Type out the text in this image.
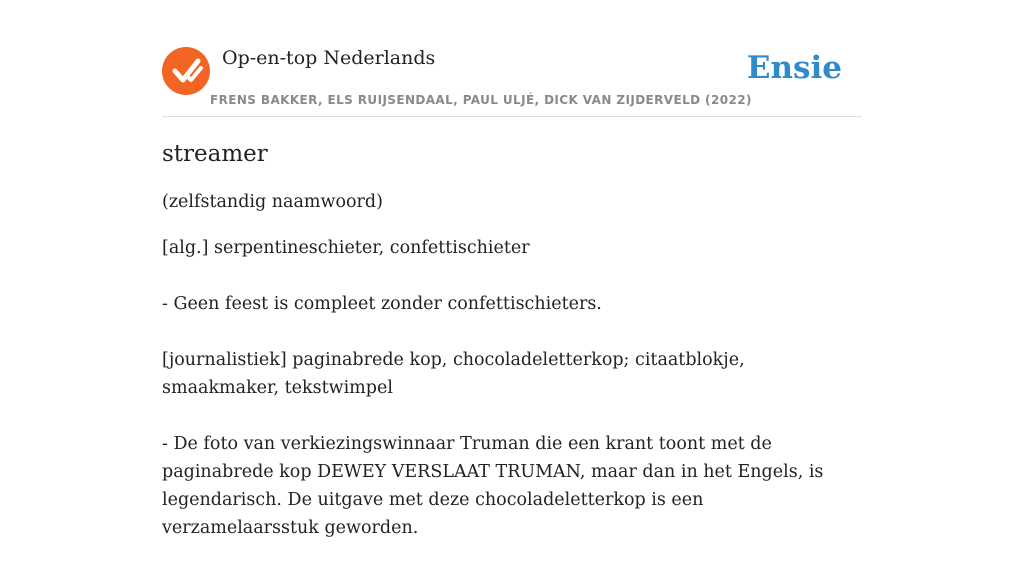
Op-en-top Nederlands
FRENS BAKKER, ELS RUIJSENDAAL, PAUL ULJÉ, DICK VAN ZIJDERVELD (2022)
Ensie
streamer
(zelfstandig naamwoord)
[alg.] serpentineschieter, confettischieter
- Geen feest is compleet zonder confettischieters.
[journalistiek] paginabrede kop, chocoladeletterkop; citaatblokje, smaakmaker, tekstwimpel
- De foto van verkiezingswinnaar Truman die een krant toont met de paginabrede kop DEWEY VERSLAAT TRUMAN, maar dan in het Engels, is legendarisch. De uitgave met deze chocoladeletterkop is een verzamelaarsstuk geworden.
